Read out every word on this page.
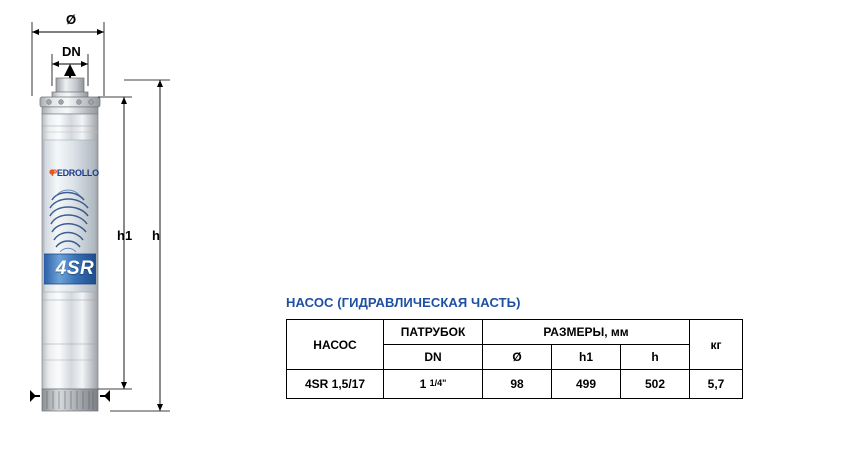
Ø
DN
h1 h
PEDROLLO
4SR
НАСОС (ГИДРАВЛИЧЕСКАЯ ЧАСТЬ)
НАСОС	ПАТРУБОК	РАЗМЕРЫ, мм			кг
	DN	Ø	h1	h	
4SR 1,5/17	1 1/4"	98	499	502	5,7
